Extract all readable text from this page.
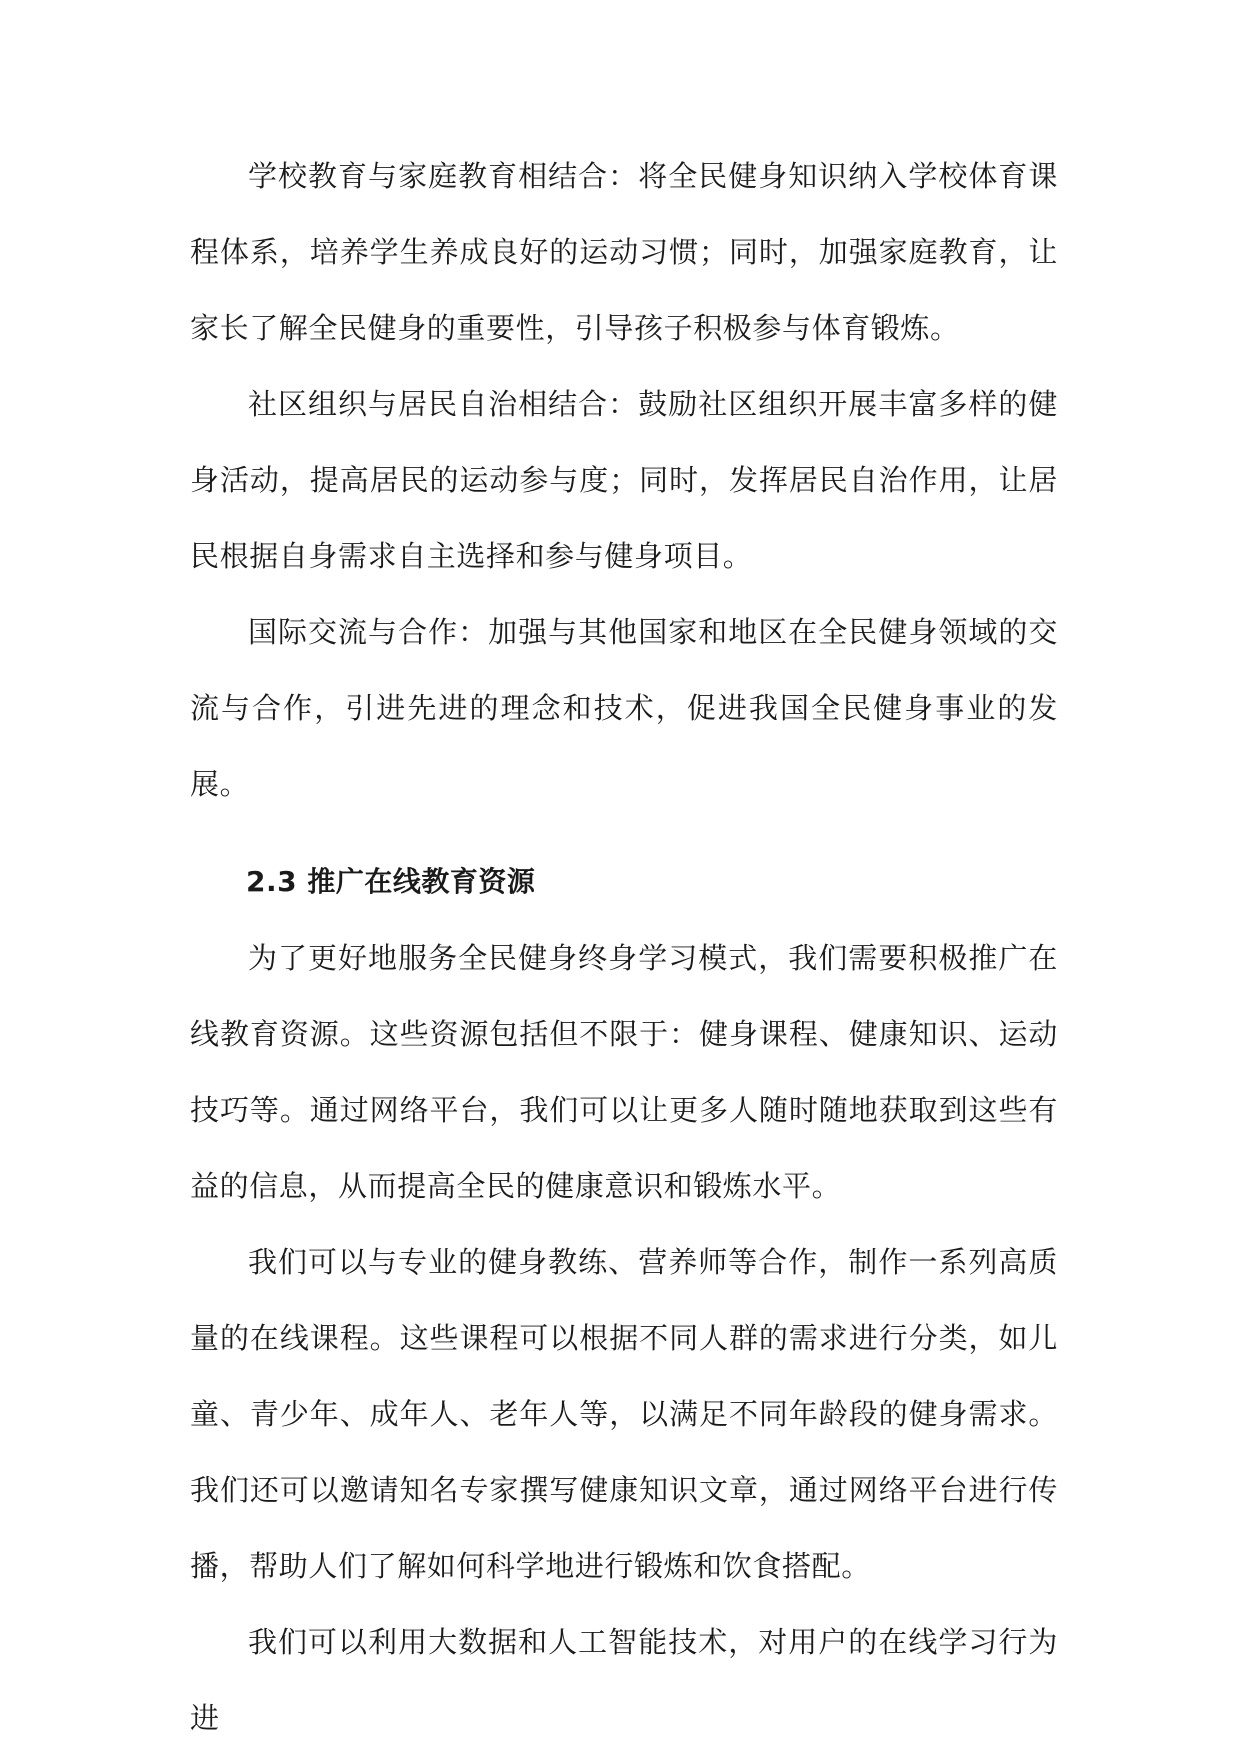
学校教育与家庭教育相结合：将全民健身知识纳入学校体育课程体系，培养学生养成良好的运动习惯；同时，加强家庭教育，让家长了解全民健身的重要性，引导孩子积极参与体育锻炼。

社区组织与居民自治相结合：鼓励社区组织开展丰富多样的健身活动，提高居民的运动参与度；同时，发挥居民自治作用，让居民根据自身需求自主选择和参与健身项目。

国际交流与合作：加强与其他国家和地区在全民健身领域的交流与合作，引进先进的理念和技术，促进我国全民健身事业的发展。

2.3 推广在线教育资源

为了更好地服务全民健身终身学习模式，我们需要积极推广在线教育资源。这些资源包括但不限于：健身课程、健康知识、运动技巧等。通过网络平台，我们可以让更多人随时随地获取到这些有益的信息，从而提高全民的健康意识和锻炼水平。

我们可以与专业的健身教练、营养师等合作，制作一系列高质量的在线课程。这些课程可以根据不同人群的需求进行分类，如儿童、青少年、成年人、老年人等，以满足不同年龄段的健身需求。我们还可以邀请知名专家撰写健康知识文章，通过网络平台进行传播，帮助人们了解如何科学地进行锻炼和饮食搭配。

我们可以利用大数据和人工智能技术，对用户的在线学习行为进
